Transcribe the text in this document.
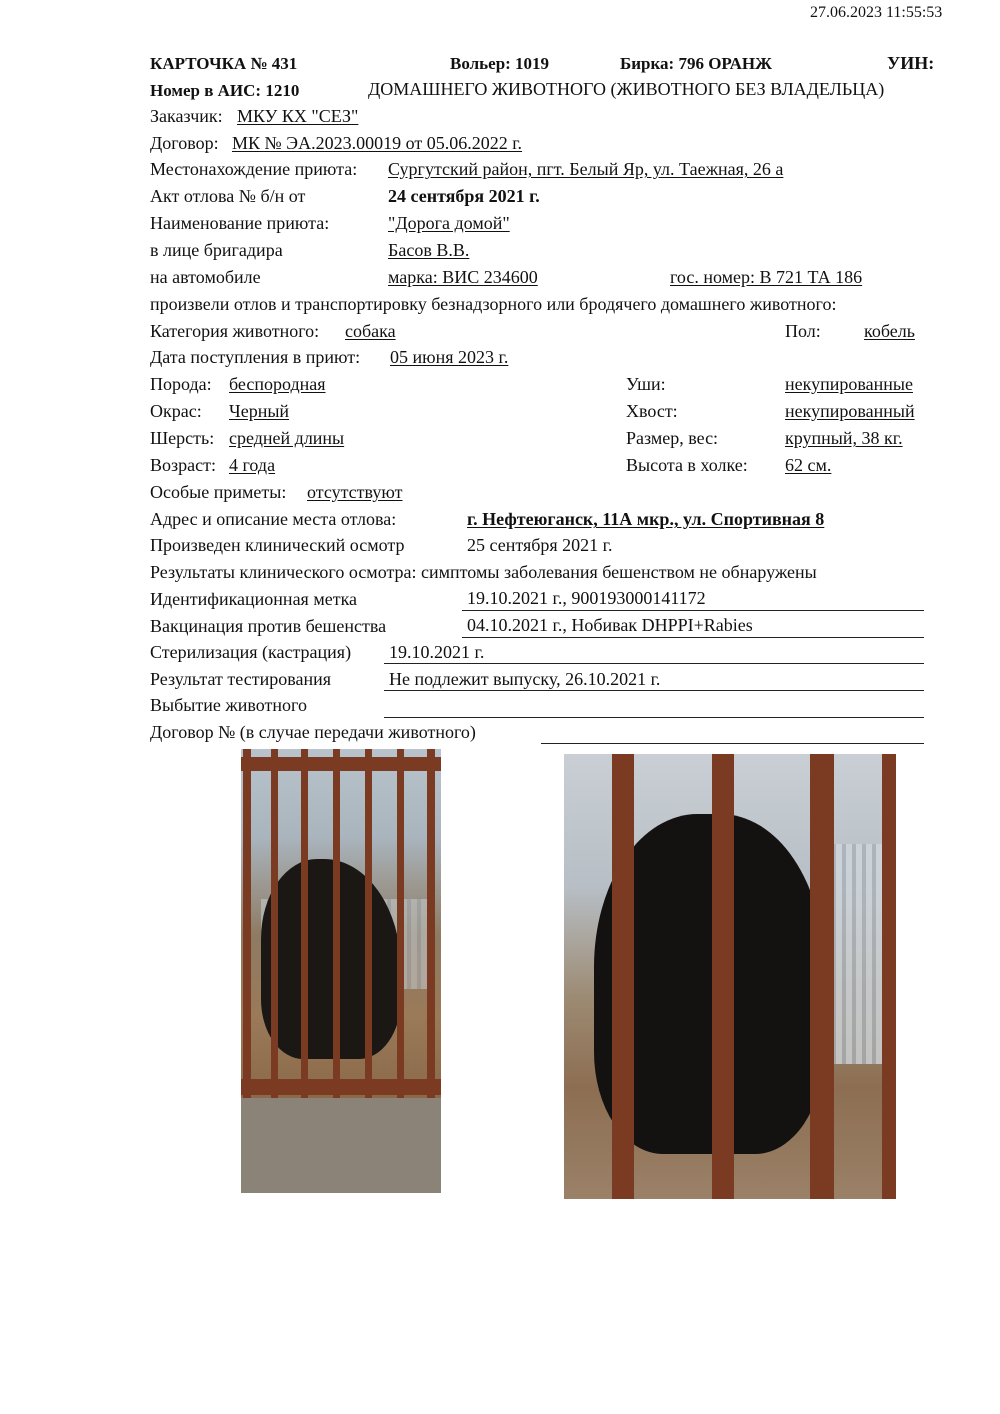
27.06.2023 11:55:53
КАРТОЧКА № 431	Вольер: 1019	Бирка: 796 ОРАНЖ	УИН:
Номер в АИС: 1210	ДОМАШНЕГО ЖИВОТНОГО (ЖИВОТНОГО БЕЗ ВЛАДЕЛЬЦА)
Заказчик: МКУ КХ "СЕЗ"
Договор: МК № ЭА.2023.00019 от 05.06.2022 г.
Местонахождение приюта: Сургутский район, пгт. Белый Яр, ул. Таежная, 26 а
Акт отлова № б/н от	24 сентября 2021 г.
Наименование приюта:	"Дорога домой"
в лице бригадира	Басов В.В.
на автомобиле	марка: ВИС 234600	гос. номер: В 721 ТА 186
произвели отлов и транспортировку безнадзорного или бродячего домашнего животного:
Категория животного: собака	Пол: кобель
Дата поступления в приют: 05 июня 2023 г.
Порода: беспородная	Уши:	некупированные
Окрас: Черный	Хвост:	некупированный
Шерсть: средней длины	Размер, вес:	крупный, 38 кг.
Возраст: 4 года	Высота в холке: 62 см.
Особые приметы: отсутствуют
Адрес и описание места отлова:	г. Нефтеюганск, 11А мкр., ул. Спортивная 8
Произведен клинический осмотр	25 сентября 2021 г.
Результаты клинического осмотра: симптомы заболевания бешенством не обнаружены
Идентификационная метка	19.10.2021 г., 900193000141172
Вакцинация против бешенства	04.10.2021 г., Нобивак DHPPI+Rabies
Стерилизация (кастрация) 19.10.2021 г.
Результат тестирования	Не подлежит выпуску, 26.10.2021 г.
Выбытие животного
Договор № (в случае передачи животного)
